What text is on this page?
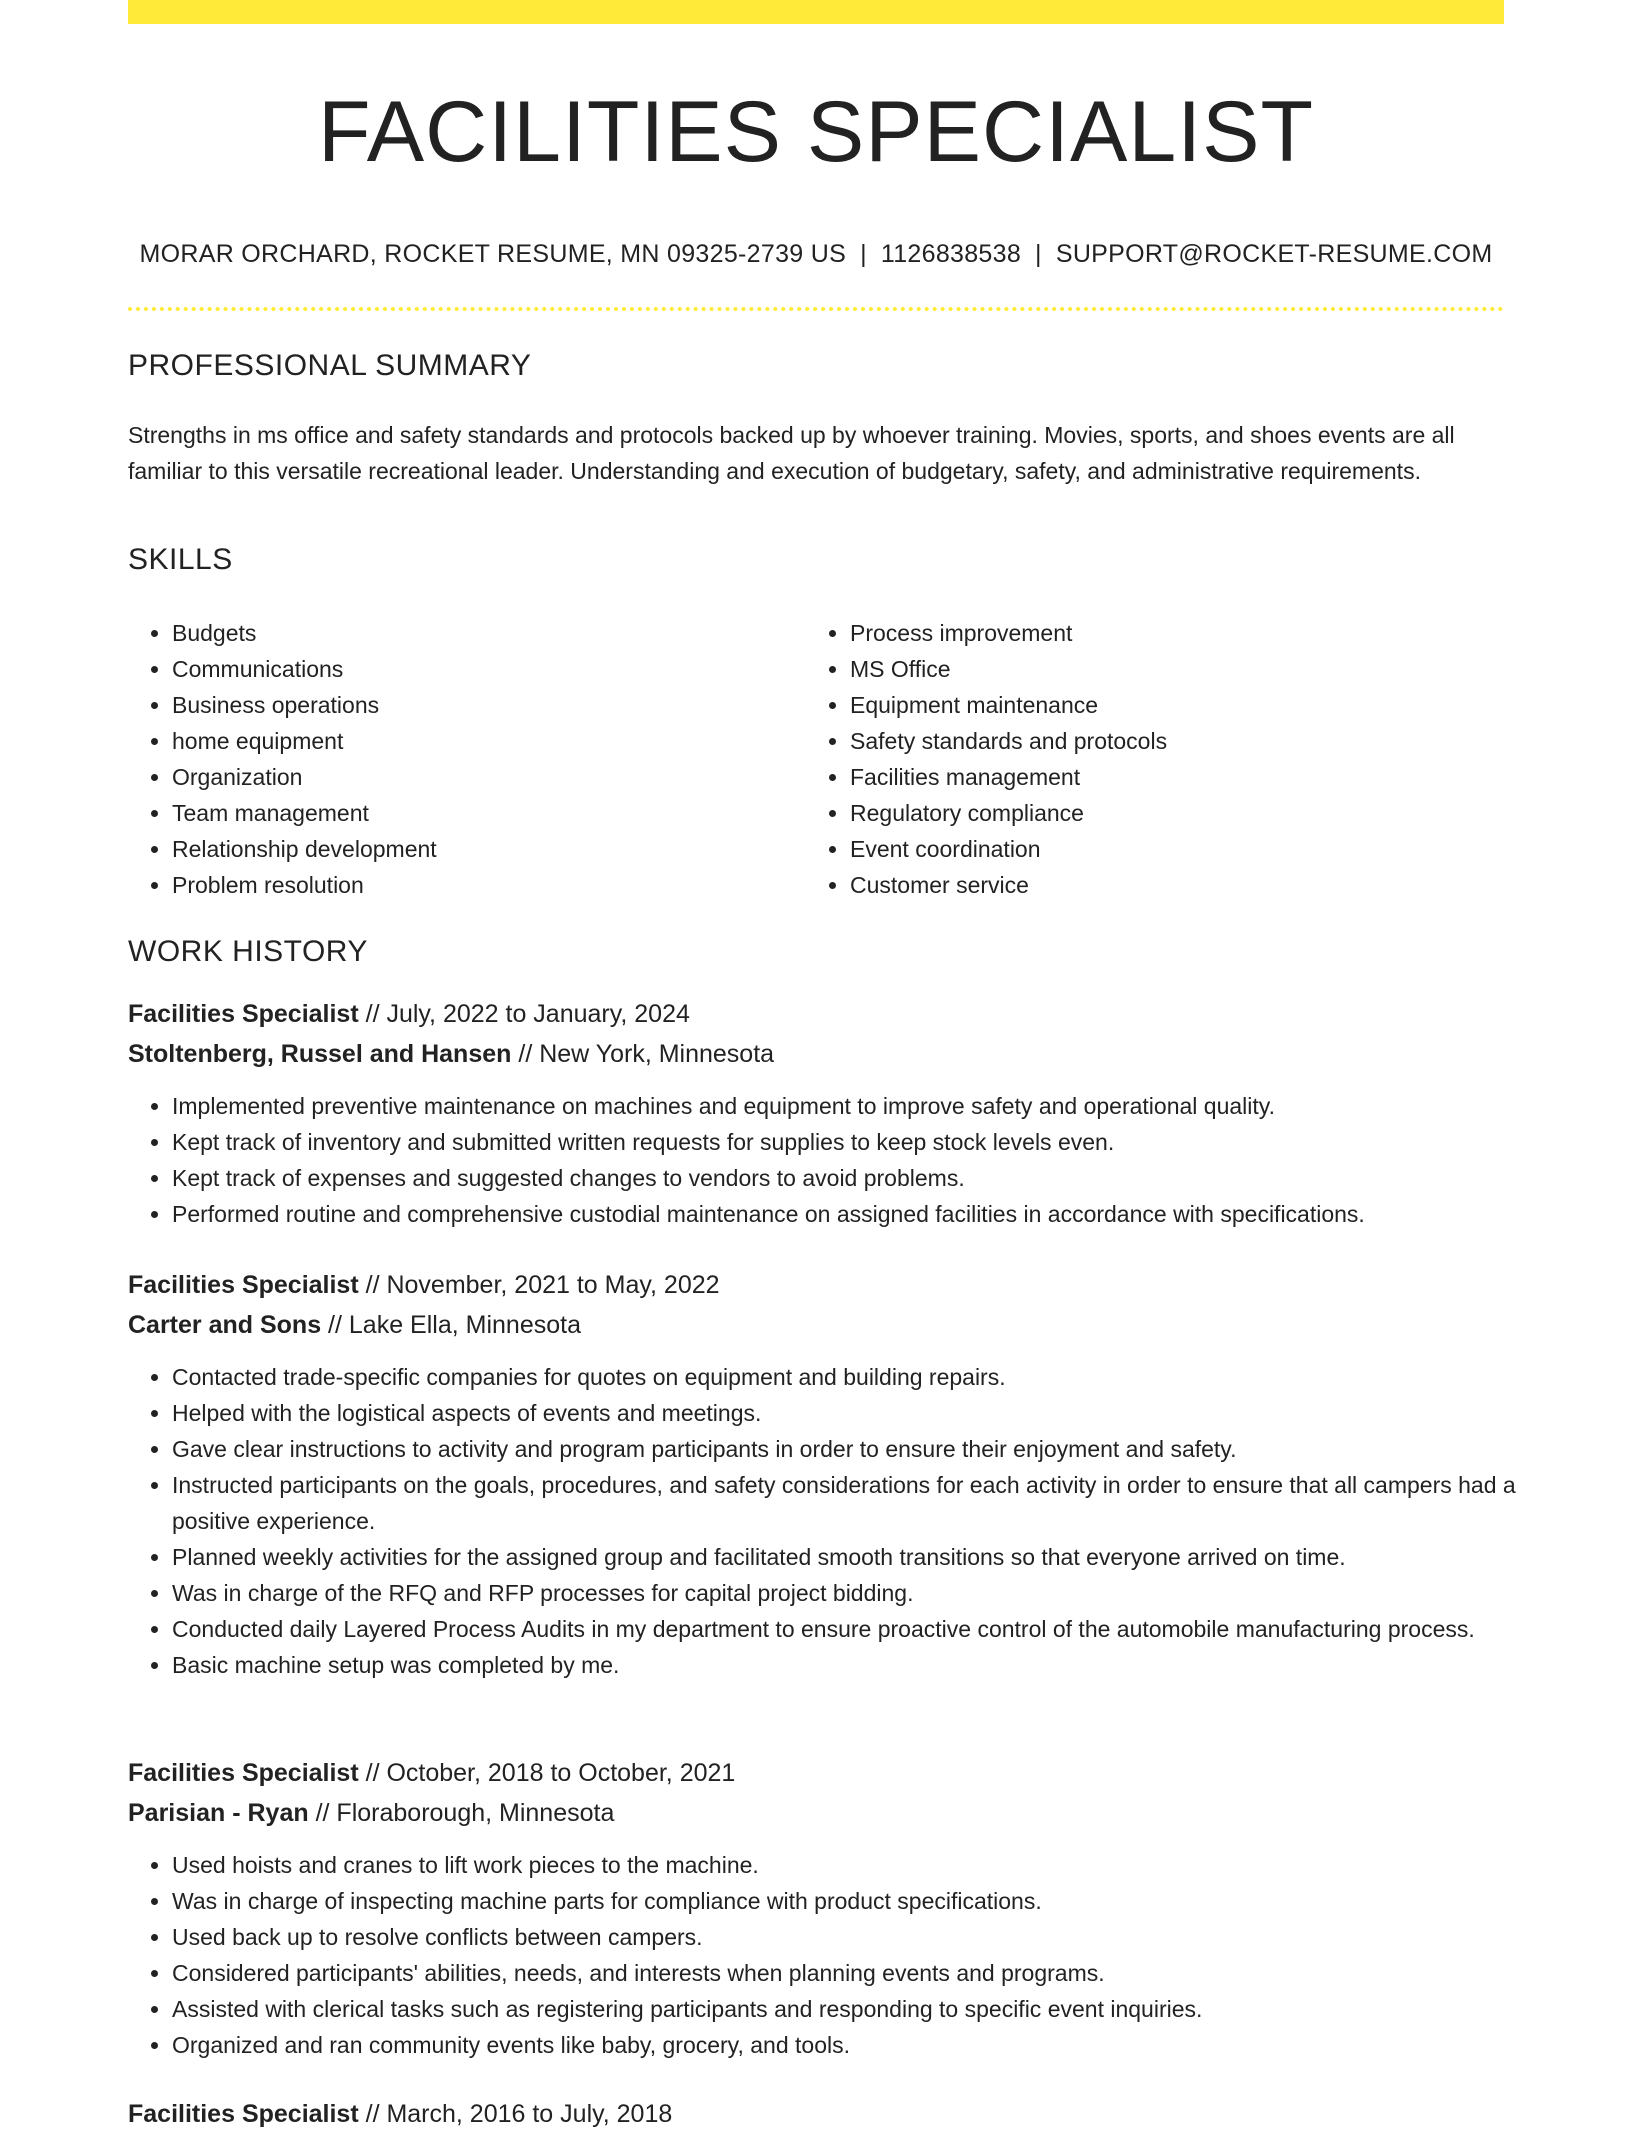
FACILITIES SPECIALIST
MORAR ORCHARD, ROCKET RESUME, MN 09325-2739 US | 1126838538 | SUPPORT@ROCKET-RESUME.COM
PROFESSIONAL SUMMARY

Strengths in ms office and safety standards and protocols backed up by whoever training. Movies, sports, and shoes events are all familiar to this versatile recreational leader. Understanding and execution of budgetary, safety, and administrative requirements.

SKILLS
• Budgets
• Communications
• Business operations
• home equipment
• Organization
• Team management
• Relationship development
• Problem resolution
• Process improvement
• MS Office
• Equipment maintenance
• Safety standards and protocols
• Facilities management
• Regulatory compliance
• Event coordination
• Customer service
WORK HISTORY
Facilities Specialist // July, 2022 to January, 2024
Stoltenberg, Russel and Hansen // New York, Minnesota
• Implemented preventive maintenance on machines and equipment to improve safety and operational quality.
• Kept track of inventory and submitted written requests for supplies to keep stock levels even.
• Kept track of expenses and suggested changes to vendors to avoid problems.
• Performed routine and comprehensive custodial maintenance on assigned facilities in accordance with specifications.
Facilities Specialist // November, 2021 to May, 2022
Carter and Sons // Lake Ella, Minnesota
• Contacted trade-specific companies for quotes on equipment and building repairs.
• Helped with the logistical aspects of events and meetings.
• Gave clear instructions to activity and program participants in order to ensure their enjoyment and safety.
• Instructed participants on the goals, procedures, and safety considerations for each activity in order to ensure that all campers had a positive experience.
• Planned weekly activities for the assigned group and facilitated smooth transitions so that everyone arrived on time.
• Was in charge of the RFQ and RFP processes for capital project bidding.
• Conducted daily Layered Process Audits in my department to ensure proactive control of the automobile manufacturing process.
• Basic machine setup was completed by me.
Facilities Specialist // October, 2018 to October, 2021
Parisian - Ryan // Floraborough, Minnesota
• Used hoists and cranes to lift work pieces to the machine.
• Was in charge of inspecting machine parts for compliance with product specifications.
• Used back up to resolve conflicts between campers.
• Considered participants' abilities, needs, and interests when planning events and programs.
• Assisted with clerical tasks such as registering participants and responding to specific event inquiries.
• Organized and ran community events like baby, grocery, and tools.
Facilities Specialist // March, 2016 to July, 2018
